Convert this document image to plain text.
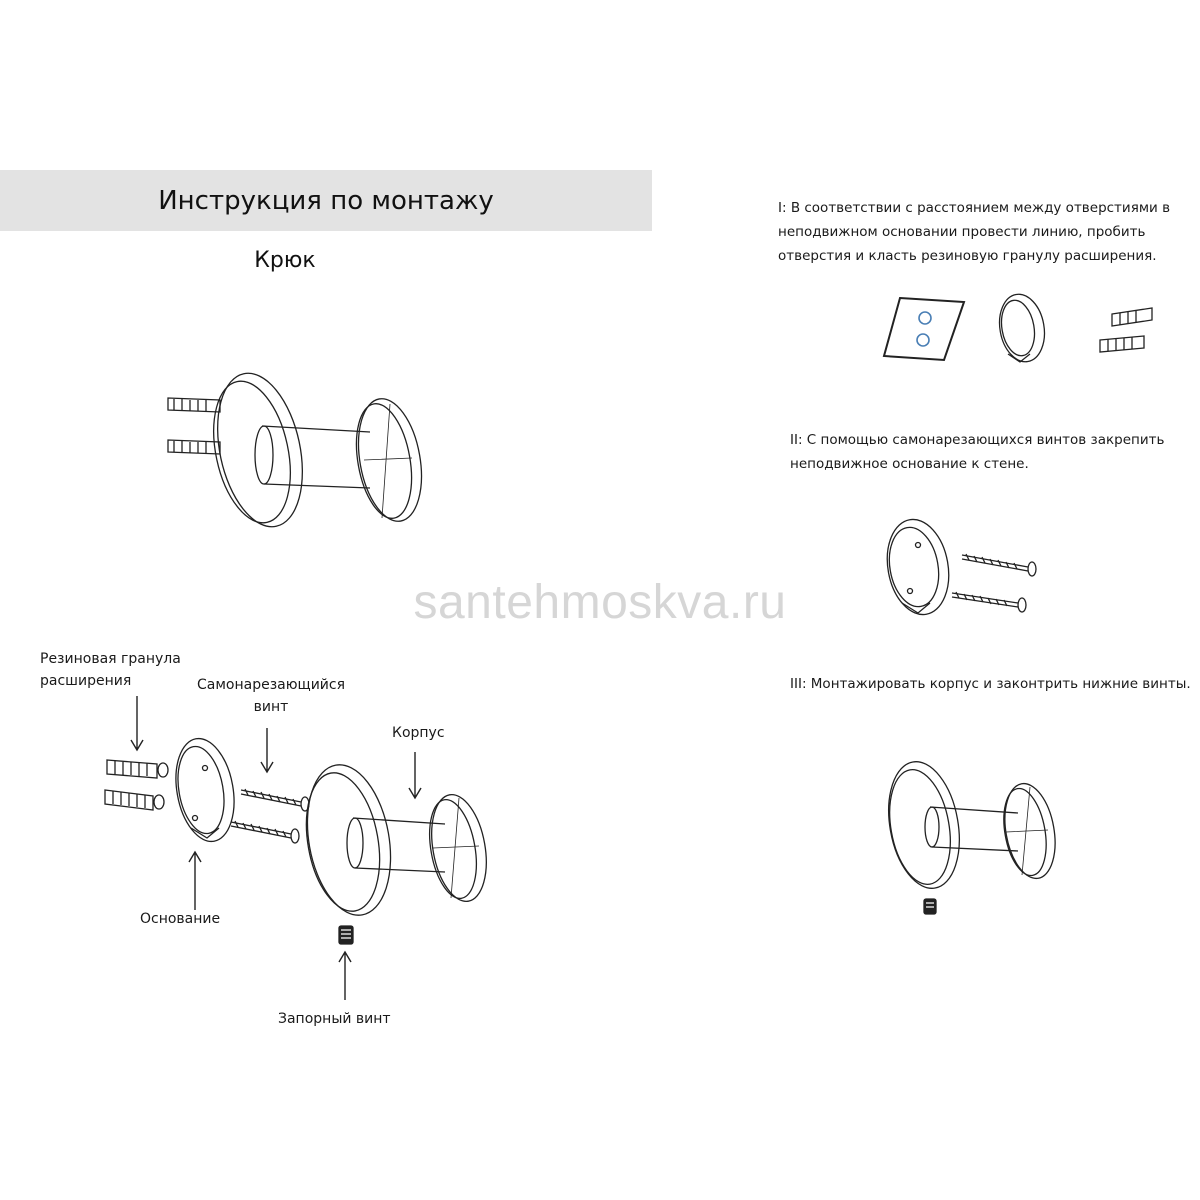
Инструкция по монтажу
Крюк
santehmoskva.ru
Резиновая гранула
расширения	Самонарезающийся
винт
Корпус
Основание
Запорный винт
I: В соответствии с расстоянием между отверстиями в
неподвижном основании провести линию, пробить
отверстия и класть резиновую гранулу расширения.
II: С помощью самонарезающихся винтов закрепить
неподвижное основание к стене.
III: Монтажировать корпус и законтрить нижние винты.
